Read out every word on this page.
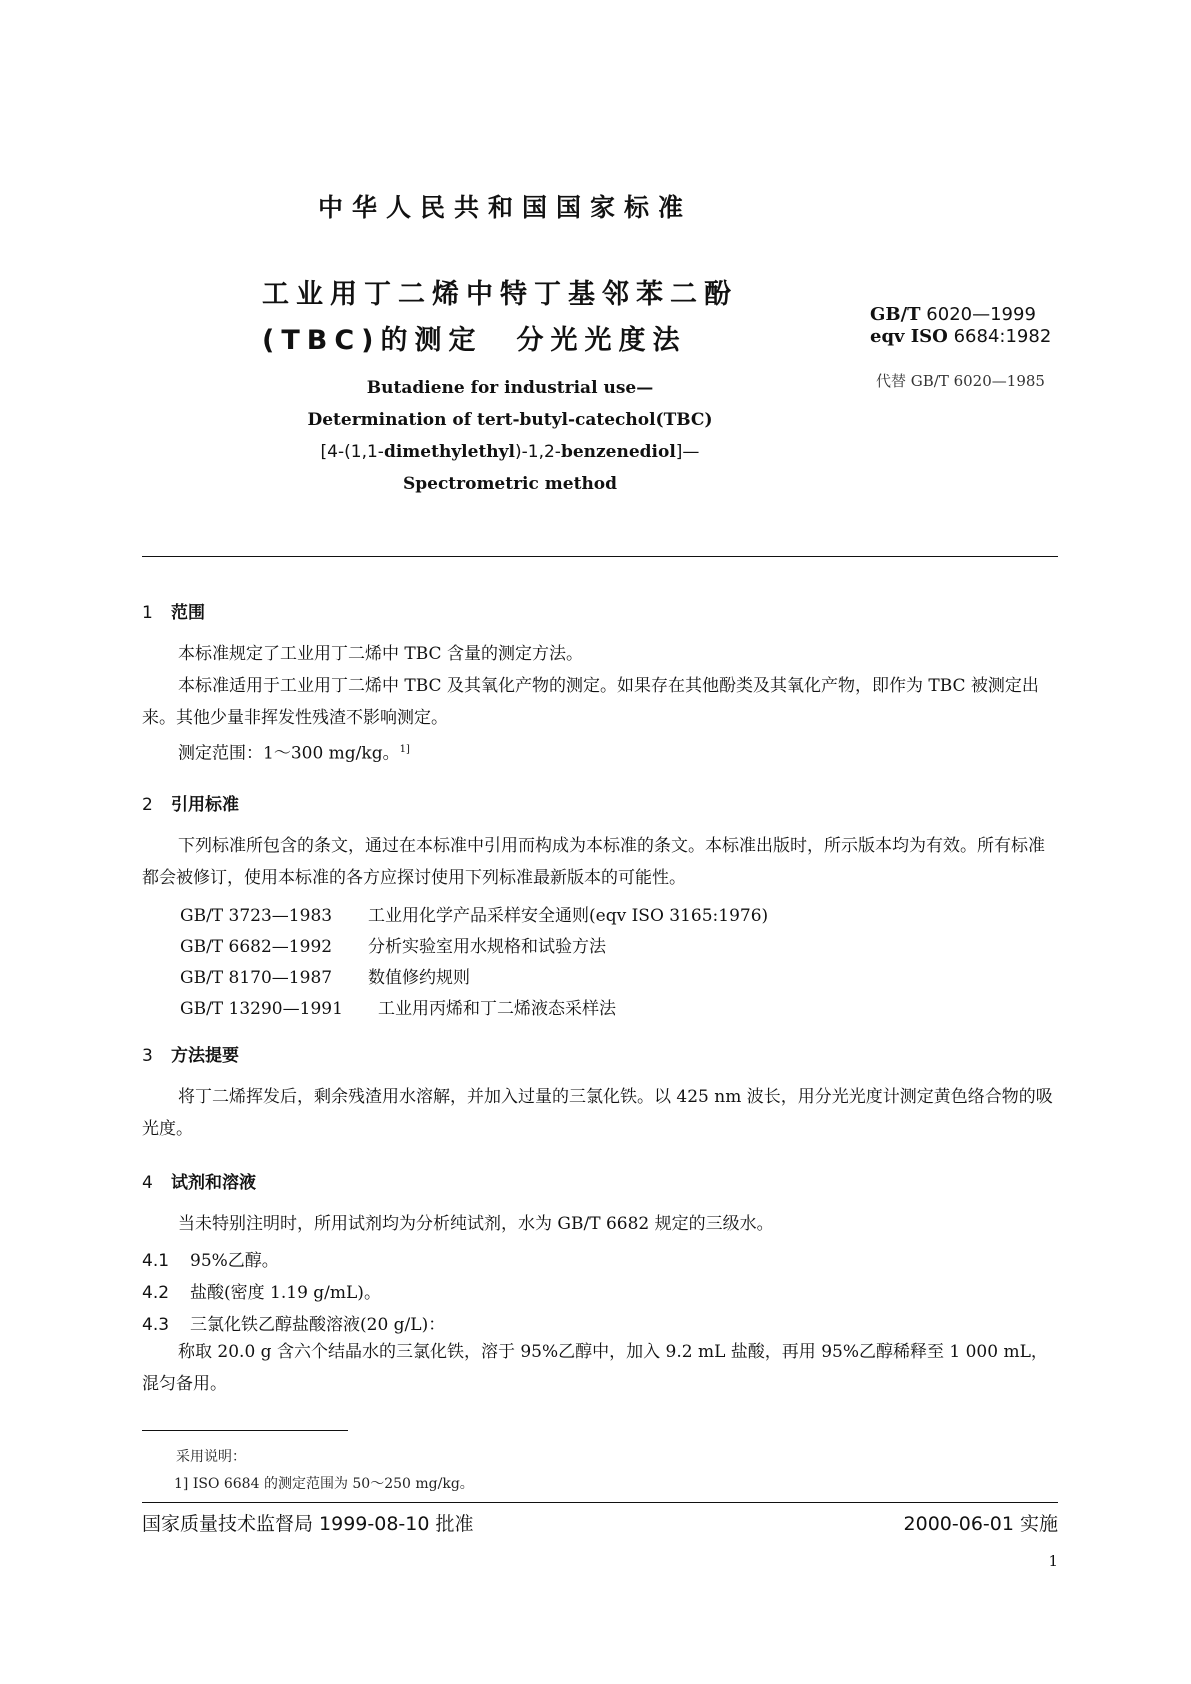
中华人民共和国国家标准
工业用丁二烯中特丁基邻苯二酚
(TBC)的测定　分光光度法
GB/T 6020—1999
eqv ISO 6684:1982
代替 GB/T 6020—1985
Butadiene for industrial use—
Determination of tert-butyl-catechol(TBC)
[4-(1,1-dimethylethyl)-1,2-benzenediol]—
Spectrometric method
1 范围
本标准规定了工业用丁二烯中 TBC 含量的测定方法。
本标准适用于工业用丁二烯中 TBC 及其氧化产物的测定。如果存在其他酚类及其氧化产物，即作为 TBC 被测定出来。其他少量非挥发性残渣不影响测定。
测定范围：1～300 mg/kg。$^{1]}$
2 引用标准
下列标准所包含的条文，通过在本标准中引用而构成为本标准的条文。本标准出版时，所示版本均为有效。所有标准都会被修订，使用本标准的各方应探讨使用下列标准最新版本的可能性。
GB/T 3723—1983 工业用化学产品采样安全通则(eqv ISO 3165:1976)
GB/T 6682—1992 分析实验室用水规格和试验方法
GB/T 8170—1987 数值修约规则
GB/T 13290—1991 工业用丙烯和丁二烯液态采样法
3 方法提要
将丁二烯挥发后，剩余残渣用水溶解，并加入过量的三氯化铁。以 425 nm 波长，用分光光度计测定黄色络合物的吸光度。
4 试剂和溶液
当未特别注明时，所用试剂均为分析纯试剂，水为 GB/T 6682 规定的三级水。
4.1 95%乙醇。
4.2 盐酸(密度 1.19 g/mL)。
4.3 三氯化铁乙醇盐酸溶液(20 g/L)：
称取 20.0 g 含六个结晶水的三氯化铁，溶于 95%乙醇中，加入 9.2 mL 盐酸，再用 95%乙醇稀释至 1 000 mL，混匀备用。
采用说明：
1] ISO 6684 的测定范围为 50～250 mg/kg。
国家质量技术监督局 1999-08-10 批准	2000-06-01 实施
1
